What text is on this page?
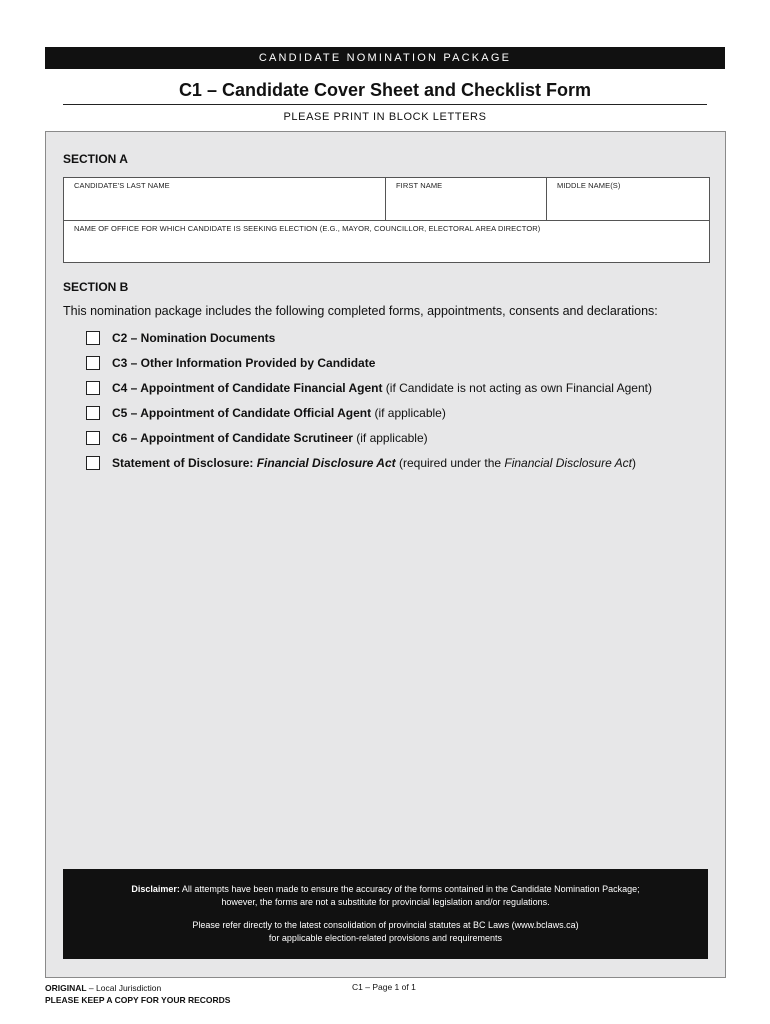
CANDIDATE NOMINATION PACKAGE
C1 – Candidate Cover Sheet and Checklist Form
PLEASE PRINT IN BLOCK LETTERS
SECTION A
CANDIDATE'S LAST NAME	FIRST NAME	MIDDLE NAME(S)
NAME OF OFFICE FOR WHICH CANDIDATE IS SEEKING ELECTION (E.G., MAYOR, COUNCILLOR, ELECTORAL AREA DIRECTOR)
SECTION B
This nomination package includes the following completed forms, appointments, consents and declarations:
C2 – Nomination Documents
C3 – Other Information Provided by Candidate
C4 – Appointment of Candidate Financial Agent (if Candidate is not acting as own Financial Agent)
C5 – Appointment of Candidate Official Agent (if applicable)
C6 – Appointment of Candidate Scrutineer (if applicable)
Statement of Disclosure: Financial Disclosure Act (required under the Financial Disclosure Act )

Disclaimer: All attempts have been made to ensure the accuracy of the forms contained in the Candidate Nomination Package;

however, the forms are not a substitute for provincial legislation and/or regulations.

Please refer directly to the latest consolidation of provincial statutes at BC Laws (www.bclaws.ca)

for applicable election-related provisions and requirements

ORIGINAL – Local Jurisdiction
PLEASE KEEP A COPY FOR YOUR RECORDS
C1 – Page 1 of 1
